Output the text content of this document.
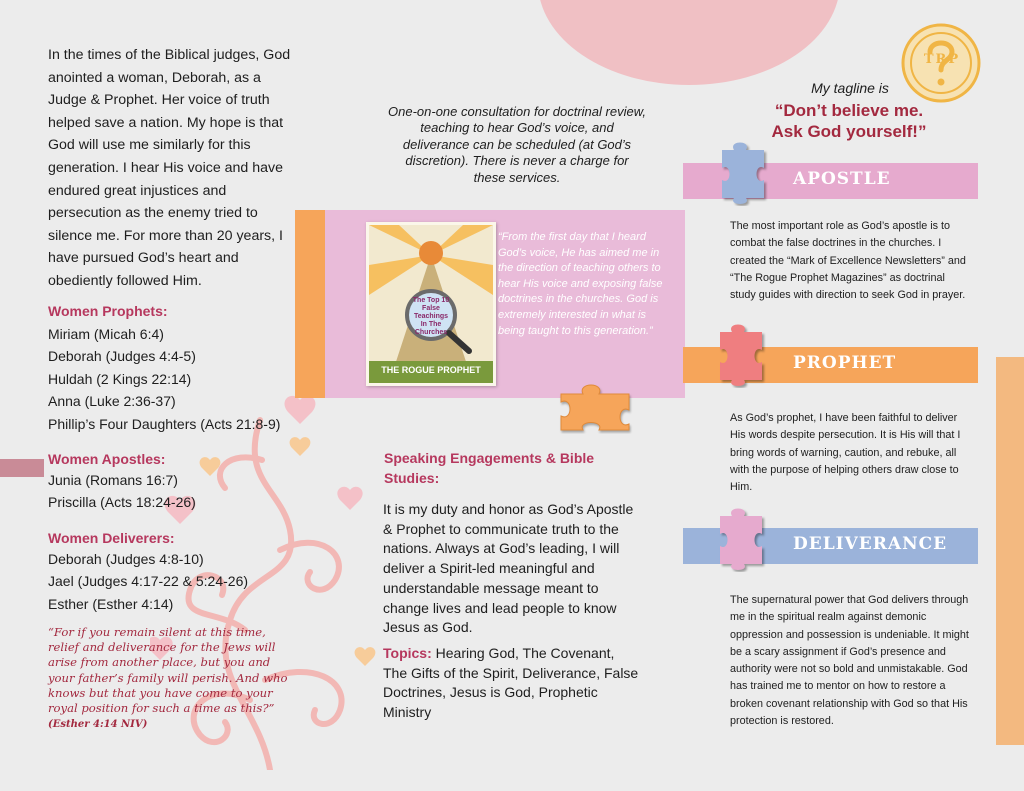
In the times of the Biblical judges, God anointed a woman, Deborah, as a Judge & Prophet. Her voice of truth helped save a nation. My hope is that God will use me similarly for this generation. I hear His voice and have endured great injustices and persecution as the enemy tried to silence me. For more than 20 years, I have pursued God’s heart and obediently followed Him.
Women Prophets:
Miriam (Micah 6:4)
Deborah (Judges 4:4-5)
Huldah (2 Kings 22:14)
Anna (Luke 2:36-37)
Phillip’s Four Daughters (Acts 21:8-9)
Women Apostles:
Junia (Romans 16:7)
Priscilla (Acts 18:24-26)
Women Deliverers:
Deborah (Judges 4:8-10)
Jael (Judges 4:17-22 & 5:24-26)
Esther (Esther 4:14)
“For if you remain silent at this time, relief and deliverance for the Jews will arise from another place, but you and your father’s family will perish. And who knows but that you have come to your royal position for such a time as this?” (Esther 4:14 NIV)
One-on-one consultation for doctrinal review, teaching to hear God’s voice, and deliverance can be scheduled (at God’s discretion). There is never a charge for these services.
The Top 10 False Teachings In The Churches
THE ROGUE PROPHET
“From the first day that I heard God’s voice, He has aimed me in the direction of teaching others to hear His voice and exposing false doctrines in the churches. God is extremely interested in what is being taught to this generation.”
Speaking Engagements & Bible Studies:
It is my duty and honor as God’s Apostle & Prophet to communicate truth to the nations. Always at God’s leading, I will deliver a Spirit-led meaningful and understandable message meant to change lives and lead people to know Jesus as God.
Topics: Hearing God, The Covenant, The Gifts of the Spirit, Deliverance, False Doctrines, Jesus is God, Prophetic Ministry
TRP
My tagline is
“Don’t believe me.
Ask God yourself!”
APOSTLE
The most important role as God’s apostle is to combat the false doctrines in the churches. I created the “Mark of Excellence Newsletters” and “The Rogue Prophet Magazines” as doctrinal study guides with direction to seek God in prayer.
PROPHET
As God’s prophet, I have been faithful to deliver His words despite persecution. It is His will that I bring words of warning, caution, and rebuke, all with the purpose of helping others draw close to Him.
DELIVERANCE
The supernatural power that God delivers through me in the spiritual realm against demonic oppression and possession is undeniable. It might be a scary assignment if God’s presence and authority were not so bold and unmistakable. God has trained me to mentor on how to restore a broken covenant relationship with God so that His protection is restored.
